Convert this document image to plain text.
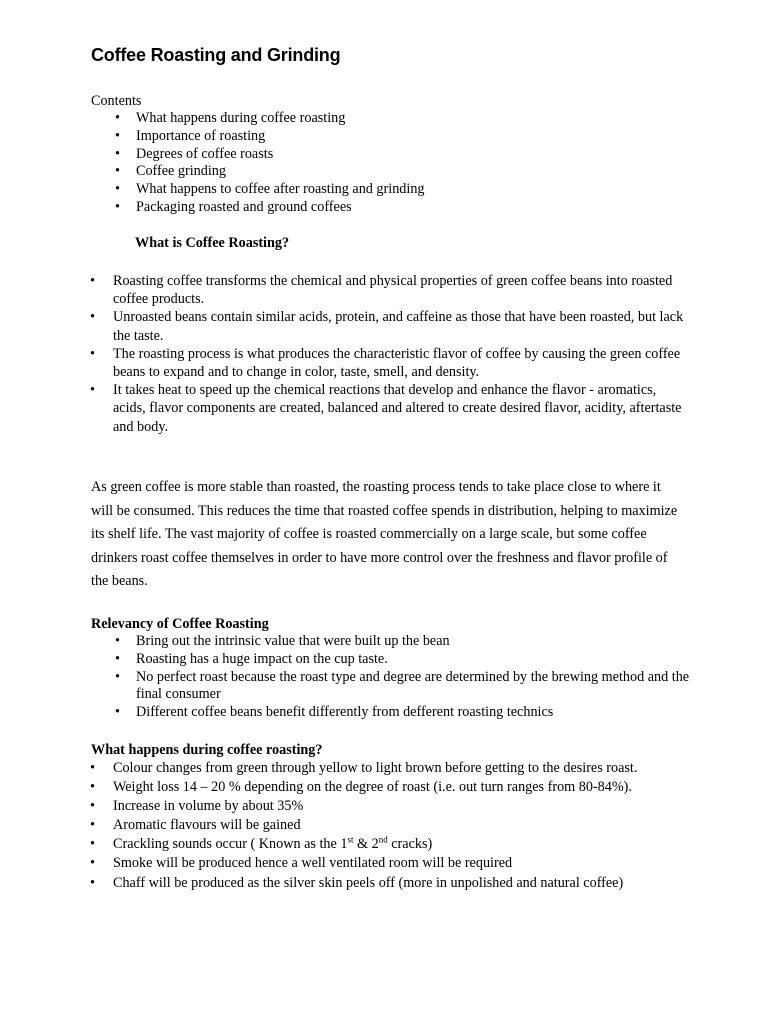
Coffee Roasting and Grinding
Contents
• What happens during coffee roasting
• Importance of roasting
• Degrees of coffee roasts
• Coffee grinding
• What happens to coffee after roasting and grinding
• Packaging roasted and ground coffees
What is Coffee Roasting?
• Roasting coffee transforms the chemical and physical properties of green coffee beans into roasted coffee products.
• Unroasted beans contain similar acids, protein, and caffeine as those that have been roasted, but lack the taste.
• The roasting process is what produces the characteristic flavor of coffee by causing the green coffee beans to expand and to change in color, taste, smell, and density.
• It takes heat to speed up the chemical reactions that develop and enhance the flavor - aromatics, acids, flavor components are created, balanced and altered to create desired flavor, acidity, aftertaste and body.

As green coffee is more stable than roasted, the roasting process tends to take place close to where it will be consumed. This reduces the time that roasted coffee spends in distribution, helping to maximize its shelf life. The vast majority of coffee is roasted commercially on a large scale, but some coffee drinkers roast coffee themselves in order to have more control over the freshness and flavor profile of the beans.

Relevancy of Coffee Roasting
• Bring out the intrinsic value that were built up the bean
• Roasting has a huge impact on the cup taste.
• No perfect roast because the roast type and degree are determined by the brewing method and the final consumer
• Different coffee beans benefit differently from defferent roasting technics
What happens during coffee roasting?
• Colour changes from green through yellow to light brown before getting to the desires roast.
• Weight loss 14 – 20 % depending on the degree of roast (i.e. out turn ranges from 80-84%).
• Increase in volume by about 35%
• Aromatic flavours will be gained
• Crackling sounds occur ( Known as the 1st & 2nd cracks)
• Smoke will be produced hence a well ventilated room will be required
• Chaff will be produced as the silver skin peels off (more in unpolished and natural coffee)
